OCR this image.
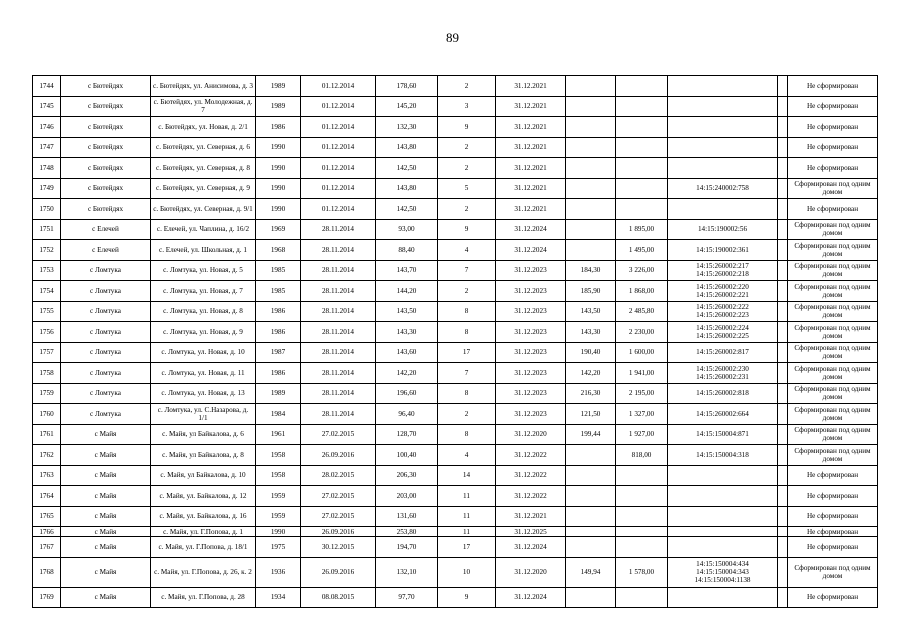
89
1744	с Бютейдях	с. Бютейдях, ул. Анисимова, д. 3	1989	01.12.2014	178,60	2	31.12.2021					Не сформирован
1745	с Бютейдях	с. Бютейдях, ул. Молодежная, д. 7	1989	01.12.2014	145,20	3	31.12.2021					Не сформирован
1746	с Бютейдях	с. Бютейдях, ул. Новая, д. 2/1	1986	01.12.2014	132,30	9	31.12.2021					Не сформирован
1747	с Бютейдях	с. Бютейдях, ул. Северная, д. 6	1990	01.12.2014	143,80	2	31.12.2021					Не сформирован
1748	с Бютейдях	с. Бютейдях, ул. Северная, д. 8	1990	01.12.2014	142,50	2	31.12.2021					Не сформирован
1749	с Бютейдях	с. Бютейдях, ул. Северная, д. 9	1990	01.12.2014	143,80	5	31.12.2021			14:15:240002:758		Сформирован под одним домом
1750	с Бютейдях	с. Бютейдях, ул. Северная, д. 9/1	1990	01.12.2014	142,50	2	31.12.2021					Не сформирован
1751	с Елечей	с. Елечей, ул. Чаплина, д. 16/2	1969	28.11.2014	93,00	9	31.12.2024		1 895,00	14:15:190002:56		Сформирован под одним домом
1752	с Елечей	с. Елечей, ул. Школьная, д. 1	1968	28.11.2014	88,40	4	31.12.2024		1 495,00	14:15:190002:361		Сформирован под одним домом
1753	с Ломтука	с. Ломтука, ул. Новая, д. 5	1985	28.11.2014	143,70	7	31.12.2023	184,30	3 226,00	14:15:260002:217 14:15:260002:218		Сформирован под одним домом
1754	с Ломтука	с. Ломтука, ул. Новая, д. 7	1985	28.11.2014	144,20	2	31.12.2023	185,90	1 868,00	14:15:260002:220 14:15:260002:221		Сформирован под одним домом
1755	с Ломтука	с. Ломтука, ул. Новая, д. 8	1986	28.11.2014	143,50	8	31.12.2023	143,50	2 485,80	14:15:260002:222 14:15:260002:223		Сформирован под одним домом
1756	с Ломтука	с. Ломтука, ул. Новая, д. 9	1986	28.11.2014	143,30	8	31.12.2023	143,30	2 230,00	14:15:260002:224 14:15:260002:225		Сформирован под одним домом
1757	с Ломтука	с. Ломтука, ул. Новая, д. 10	1987	28.11.2014	143,60	17	31.12.2023	190,40	1 600,00	14:15:260002:817		Сформирован под одним домом
1758	с Ломтука	с. Ломтука, ул. Новая, д. 11	1986	28.11.2014	142,20	7	31.12.2023	142,20	1 941,00	14:15:260002:230 14:15:260002:231		Сформирован под одним домом
1759	с Ломтука	с. Ломтука, ул. Новая, д. 13	1989	28.11.2014	196,60	8	31.12.2023	216,30	2 195,00	14:15:260002:818		Сформирован под одним домом
1760	с Ломтука	с. Ломтука, ул. С.Назарова, д. 1/1	1984	28.11.2014	96,40	2	31.12.2023	121,50	1 327,00	14:15:260002:664		Сформирован под одним домом
1761	с Майя	с. Майя, ул Байкалова, д. 6	1961	27.02.2015	128,70	8	31.12.2020	199,44	1 927,00	14:15:150004:871		Сформирован под одним домом
1762	с Майя	с. Майя, ул Байкалова, д. 8	1958	26.09.2016	100,40	4	31.12.2022		818,00	14:15:150004:318		Сформирован под одним домом
1763	с Майя	с. Майя, ул Байкалова, д. 10	1958	28.02.2015	206,30	14	31.12.2022					Не сформирован
1764	с Майя	с. Майя, ул. Байкалова, д. 12	1959	27.02.2015	203,00	11	31.12.2022					Не сформирован
1765	с Майя	с. Майя, ул. Байкалова, д. 16	1959	27.02.2015	131,60	11	31.12.2021					Не сформирован
1766	с Майя	с. Майя, ул. Г.Попова, д. 1	1990	26.09.2016	253,80	11	31.12.2025					Не сформирован
1767	с Майя	с. Майя, ул. Г.Попова, д. 18/1	1975	30.12.2015	194,70	17	31.12.2024					Не сформирован
1768	с Майя	с. Майя, ул. Г.Попова, д. 26, к. 2	1936	26.09.2016	132,10	10	31.12.2020	149,94	1 578,00	14:15:150004:434 14:15:150004:343 14:15:150004:1138		Сформирован под одним домом
1769	с Майя	с. Майя, ул. Г.Попова, д. 28	1934	08.08.2015	97,70	9	31.12.2024					Не сформирован
